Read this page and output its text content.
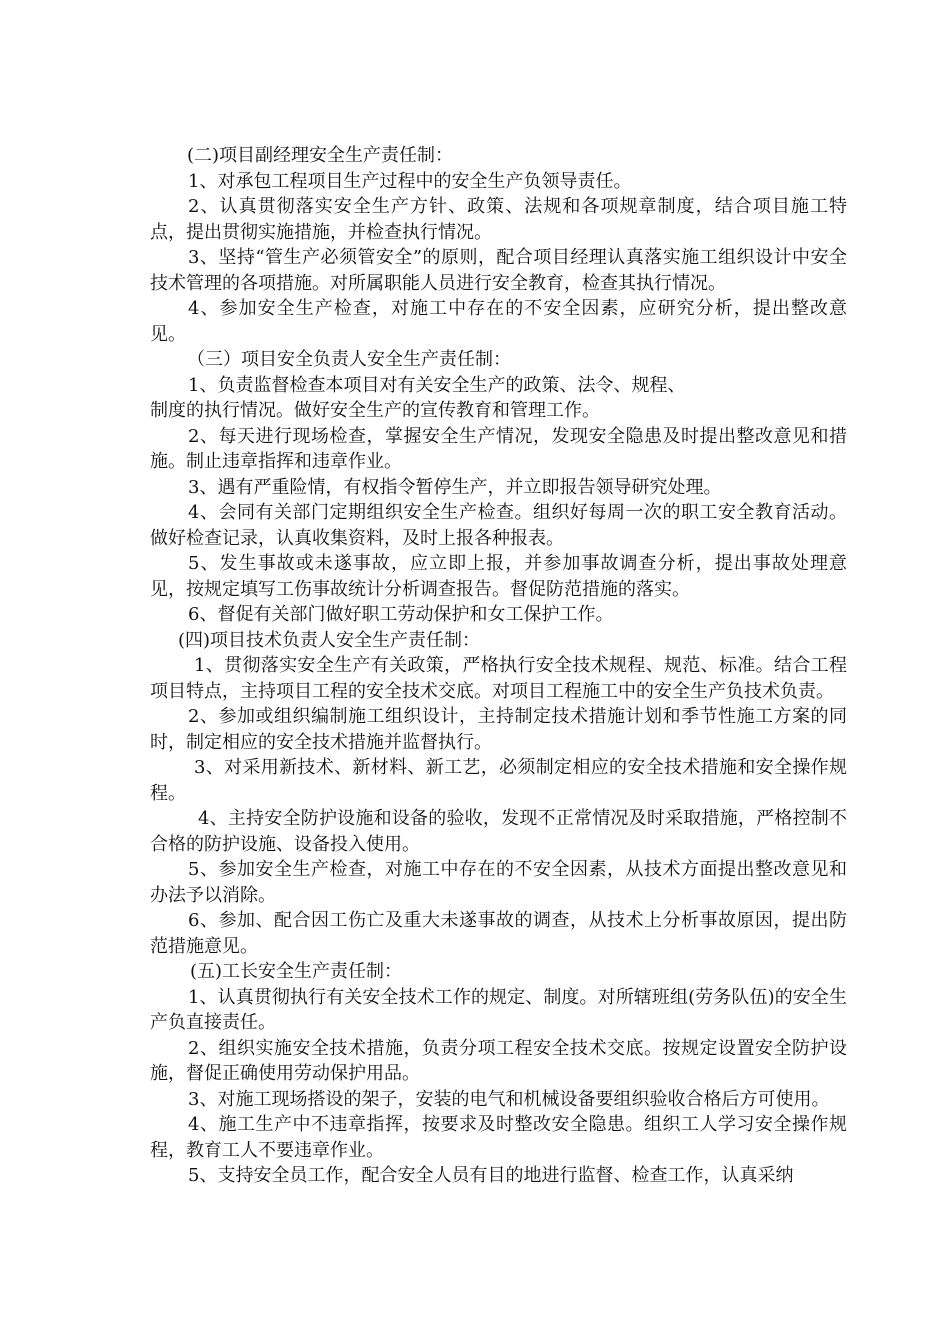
(二)项目副经理安全生产责任制：

1、对承包工程项目生产过程中的安全生产负领导责任。

2、认真贯彻落实安全生产方针、政策、法规和各项规章制度，结合项目施工特点，提出贯彻实施措施，并检查执行情况。

3、坚持“管生产必须管安全”的原则，配合项目经理认真落实施工组织设计中安全技术管理的各项措施。对所属职能人员进行安全教育，检查其执行情况。

4、参加安全生产检查，对施工中存在的不安全因素，应研究分析，提出整改意见。

（三）项目安全负责人安全生产责任制：

1、负责监督检查本项目对有关安全生产的政策、法令、规程、

制度的执行情况。做好安全生产的宣传教育和管理工作。

2、每天进行现场检查，掌握安全生产情况，发现安全隐患及时提出整改意见和措施。制止违章指挥和违章作业。

3、遇有严重险情，有权指令暂停生产，并立即报告领导研究处理。

4、会同有关部门定期组织安全生产检查。组织好每周一次的职工安全教育活动。做好检查记录，认真收集资料，及时上报各种报表。

5、发生事故或未遂事故，应立即上报，并参加事故调查分析，提出事故处理意见，按规定填写工伤事故统计分析调查报告。督促防范措施的落实。

6、督促有关部门做好职工劳动保护和女工保护工作。

(四)项目技术负责人安全生产责任制：

1、贯彻落实安全生产有关政策，严格执行安全技术规程、规范、标准。结合工程项目特点，主持项目工程的安全技术交底。对项目工程施工中的安全生产负技术负责。

2、参加或组织编制施工组织设计，主持制定技术措施计划和季节性施工方案的同时，制定相应的安全技术措施并监督执行。

3、对采用新技术、新材料、新工艺，必须制定相应的安全技术措施和安全操作规程。

4、主持安全防护设施和设备的验收，发现不正常情况及时采取措施，严格控制不合格的防护设施、设备投入使用。

5、参加安全生产检查，对施工中存在的不安全因素，从技术方面提出整改意见和办法予以消除。

6、参加、配合因工伤亡及重大未遂事故的调查，从技术上分析事故原因，提出防范措施意见。

(五)工长安全生产责任制：

1、认真贯彻执行有关安全技术工作的规定、制度。对所辖班组(劳务队伍)的安全生产负直接责任。

2、组织实施安全技术措施，负责分项工程安全技术交底。按规定设置安全防护设施，督促正确使用劳动保护用品。

3、对施工现场搭设的架子，安装的电气和机械设备要组织验收合格后方可使用。

4、施工生产中不违章指挥，按要求及时整改安全隐患。组织工人学习安全操作规程，教育工人不要违章作业。

5、支持安全员工作，配合安全人员有目的地进行监督、检查工作，认真采纳
